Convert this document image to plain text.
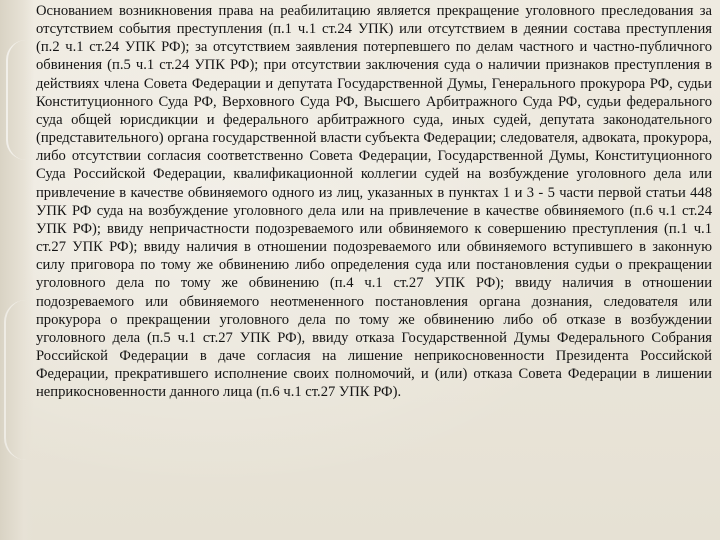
Основанием возникновения права на реабилитацию является прекращение уголовного преследования за отсутствием события преступления (п.1 ч.1 ст.24 УПК) или отсутствием в деянии состава преступления (п.2 ч.1 ст.24 УПК РФ); за отсутствием заявления потерпевшего по делам частного и частно-публичного обвинения (п.5 ч.1 ст.24 УПК РФ); при отсутствии заключения суда о наличии признаков преступления в действиях члена Совета Федерации и депутата Государственной Думы, Генерального прокурора РФ, судьи Конституционного Суда РФ, Верховного Суда РФ, Высшего Арбитражного Суда РФ, судьи федерального суда общей юрисдикции и федерального арбитражного суда, иных судей, депутата законодательного (представительного) органа государственной власти субъекта Федерации; следователя, адвоката, прокурора, либо отсутствии согласия соответственно Совета Федерации, Государственной Думы, Конституционного Суда Российской Федерации, квалификационной коллегии судей на возбуждение уголовного дела или привлечение в качестве обвиняемого одного из лиц, указанных в пунктах 1 и 3 - 5 части первой статьи 448 УПК РФ суда на возбуждение уголовного дела или на привлечение в качестве обвиняемого (п.6 ч.1 ст.24 УПК РФ); ввиду непричастности подозреваемого или обвиняемого к совершению преступления (п.1 ч.1 ст.27 УПК РФ); ввиду наличия в отношении подозреваемого или обвиняемого вступившего в законную силу приговора по тому же обвинению либо определения суда или постановления судьи о прекращении уголовного дела по тому же обвинению (п.4 ч.1 ст.27 УПК РФ); ввиду наличия в отношении подозреваемого или обвиняемого неотмененного постановления органа дознания, следователя или прокурора о прекращении уголовного дела по тому же обвинению либо об отказе в возбуждении уголовного дела (п.5 ч.1 ст.27 УПК РФ), ввиду отказа Государственной Думы Федерального Собрания Российской Федерации в даче согласия на лишение неприкосновенности Президента Российской Федерации, прекратившего исполнение своих полномочий, и (или) отказа Совета Федерации в лишении неприкосновенности данного лица (п.6 ч.1 ст.27 УПК РФ).
